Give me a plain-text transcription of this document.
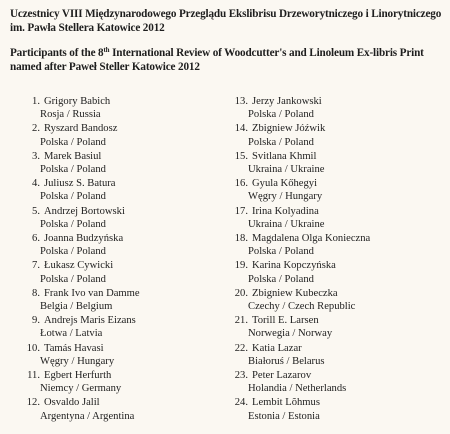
Uczestnicy VIII Międzynarodowego Przeglądu Ekslibrisu Drzeworytniczego i Linorytniczego im. Pawła Stellera Katowice 2012
Participants of the 8th International Review of Woodcutter's and Linoleum Ex-libris Print named after Paweł Steller Katowice 2012
1. Grigory Babich
Rosja / Russia
2. Ryszard Bandosz
Polska / Poland
3. Marek Basiul
Polska / Poland
4. Juliusz S. Batura
Polska / Poland
5. Andrzej Bortowski
Polska / Poland
6. Joanna Budzyńska
Polska / Poland
7. Łukasz Cywicki
Polska / Poland
8. Frank Ivo van Damme
Belgia / Belgium
9. Andrejs Maris Eizans
Łotwa / Latvia
10. Tamás Havasi
Węgry / Hungary
11. Egbert Herfurth
Niemcy / Germany
12. Osvaldo Jalil
Argentyna / Argentina
13. Jerzy Jankowski
Polska / Poland
14. Zbigniew Jóźwik
Polska / Poland
15. Svitlana Khmil
Ukraina / Ukraine
16. Gyula Kőhegyi
Węgry / Hungary
17. Irina Kolyadina
Ukraina / Ukraine
18. Magdalena Olga Konieczna
Polska / Poland
19. Karina Kopczyńska
Polska / Poland
20. Zbigniew Kubeczka
Czechy / Czech Republic
21. Torill E. Larsen
Norwegia / Norway
22. Katia Lazar
Białoruś / Belarus
23. Peter Lazarov
Holandia / Netherlands
24. Lembit Lõhmus
Estonia / Estonia
